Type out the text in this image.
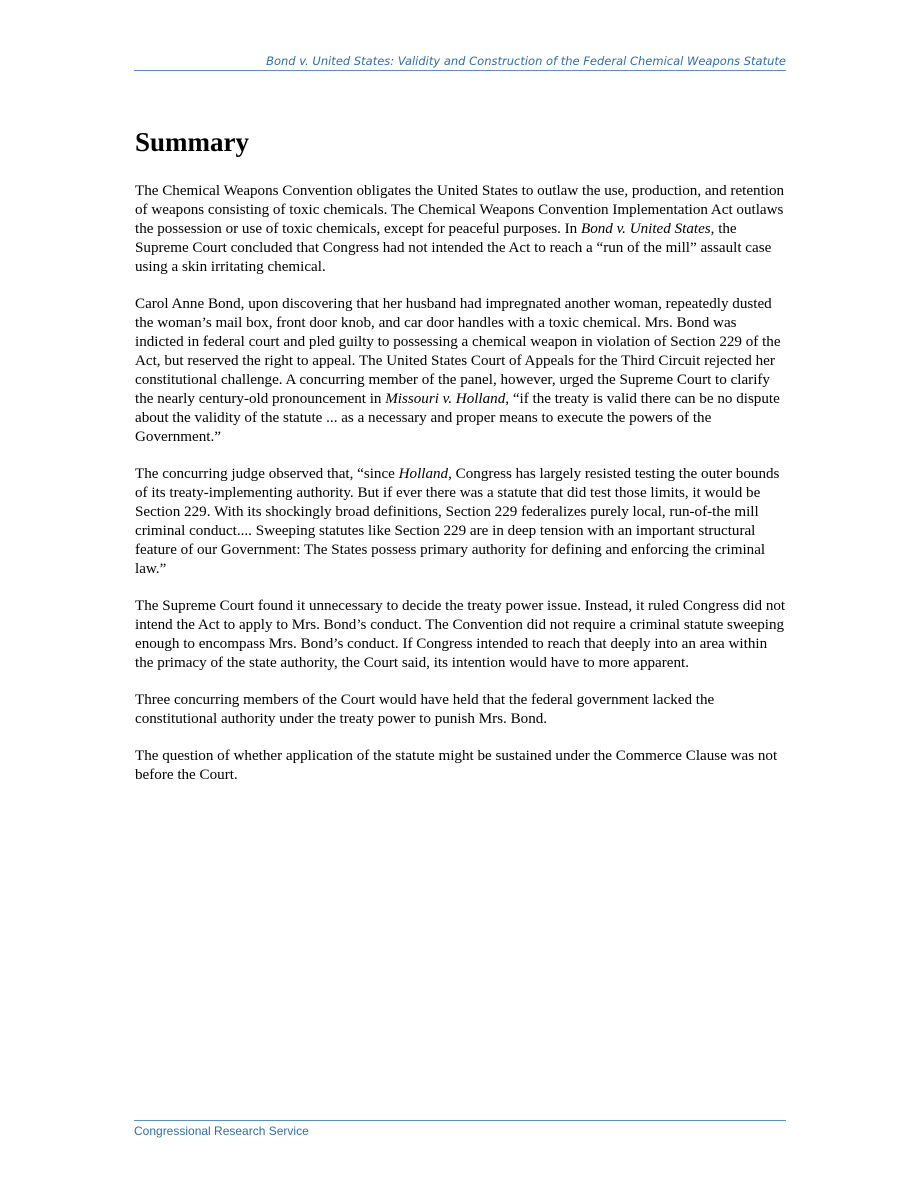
Bond v. United States: Validity and Construction of the Federal Chemical Weapons Statute
Summary

The Chemical Weapons Convention obligates the United States to outlaw the use, production, and retention of weapons consisting of toxic chemicals. The Chemical Weapons Convention Implementation Act outlaws the possession or use of toxic chemicals, except for peaceful purposes. In Bond v. United States, the Supreme Court concluded that Congress had not intended the Act to reach a “run of the mill” assault case using a skin irritating chemical.

Carol Anne Bond, upon discovering that her husband had impregnated another woman, repeatedly dusted the woman’s mail box, front door knob, and car door handles with a toxic chemical. Mrs. Bond was indicted in federal court and pled guilty to possessing a chemical weapon in violation of Section 229 of the Act, but reserved the right to appeal. The United States Court of Appeals for the Third Circuit rejected her constitutional challenge. A concurring member of the panel, however, urged the Supreme Court to clarify the nearly century-old pronouncement in Missouri v. Holland, “if the treaty is valid there can be no dispute about the validity of the statute ... as a necessary and proper means to execute the powers of the Government.”

The concurring judge observed that, “since Holland, Congress has largely resisted testing the outer bounds of its treaty-implementing authority. But if ever there was a statute that did test those limits, it would be Section 229. With its shockingly broad definitions, Section 229 federalizes purely local, run-of-the mill criminal conduct.... Sweeping statutes like Section 229 are in deep tension with an important structural feature of our Government: The States possess primary authority for defining and enforcing the criminal law.”

The Supreme Court found it unnecessary to decide the treaty power issue. Instead, it ruled Congress did not intend the Act to apply to Mrs. Bond’s conduct. The Convention did not require a criminal statute sweeping enough to encompass Mrs. Bond’s conduct. If Congress intended to reach that deeply into an area within the primacy of the state authority, the Court said, its intention would have to more apparent.

Three concurring members of the Court would have held that the federal government lacked the constitutional authority under the treaty power to punish Mrs. Bond.

The question of whether application of the statute might be sustained under the Commerce Clause was not before the Court.

Congressional Research Service
